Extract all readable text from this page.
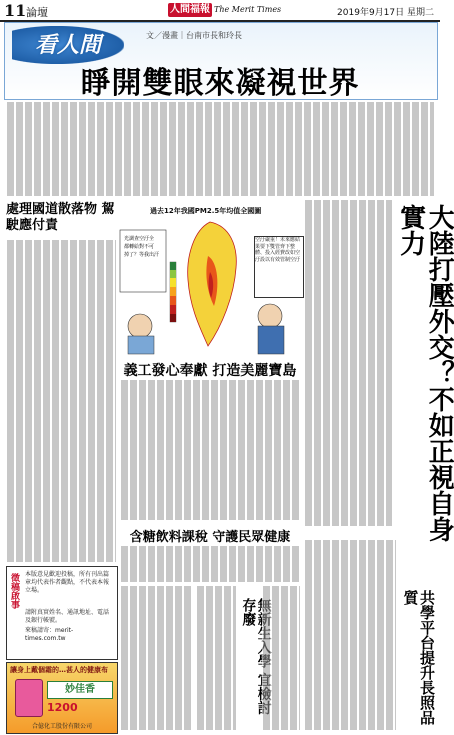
11 論壇	人間福報 The Merit Times	2019年9月17日 星期二
看人間	文／漫畫｜台南市長和玲長
睜開雙眼來凝視世界
處理國道散落物 駕駛應付責
過去12年我國PM2.5年均值全國圖
光調查空汙全
都轉給對不可
掉了？等我出汗
空汙嚴重！未來應結果要下雙管齊下整體、投入經費改如空汙設以有效管制空汙
義工發心奉獻 打造美麗寶島
含糖飲料課稅 守護民眾健康	大陸打壓外交？不如正視自身實力
共學平台提升長照品質
存廢
徵稿啟事	本版意見歡迎投稿，所有刊出篇章均代表作者觀點，不代表本報立場。
請附真實姓名、通訊地址、電話及銀行帳號。
來稿請寄：merit-times.com.tw
讓身上戴個霜的…甚人的健康布
妙佳香
1200
合億化工股份有限公司
